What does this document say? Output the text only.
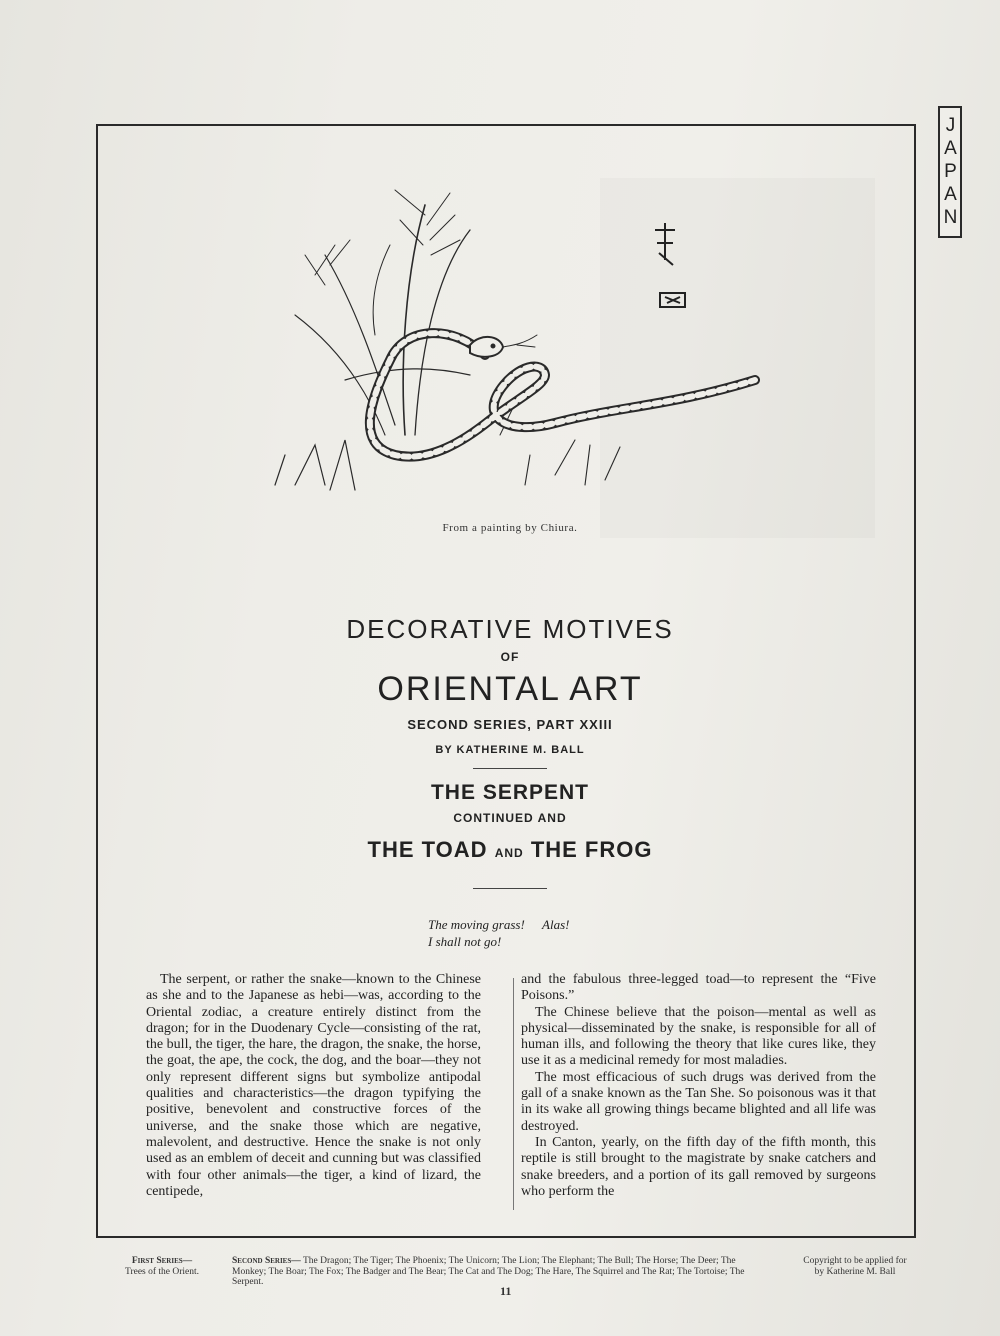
JAPAN
From a painting by Chiura.

DECORATIVE MOTIVES

OF

ORIENTAL ART

SECOND SERIES, PART XXIII

BY KATHERINE M. BALL

THE SERPENT

CONTINUED AND

THE TOAD AND THE FROG

The moving grass! Alas!
I shall not go!

The serpent, or rather the snake—known to the Chinese as she and to the Japanese as hebi—was, according to the Oriental zodiac, a creature entirely distinct from the dragon; for in the Duodenary Cycle—consisting of the rat, the bull, the tiger, the hare, the dragon, the snake, the horse, the goat, the ape, the cock, the dog, and the boar—they not only represent different signs but symbolize antipodal qualities and characteristics—the dragon typifying the positive, benevolent and constructive forces of the universe, and the snake those which are negative, malevolent, and destructive. Hence the snake is not only used as an emblem of deceit and cunning but was classified with four other animals—the tiger, a kind of lizard, the centipede,

and the fabulous three-legged toad—to represent the “Five Poisons.”

The Chinese believe that the poison—mental as well as physical—disseminated by the snake, is responsible for all of human ills, and following the theory that like cures like, they use it as a medicinal remedy for most maladies.

The most efficacious of such drugs was derived from the gall of a snake known as the Tan She. So poisonous was it that in its wake all growing things became blighted and all life was destroyed.

In Canton, yearly, on the fifth day of the fifth month, this reptile is still brought to the magistrate by snake catchers and snake breeders, and a portion of its gall removed by surgeons who perform the

First Series—
Trees of the Orient.
Second Series— The Dragon; The Tiger; The Phoenix; The Unicorn; The Lion; The Elephant; The Bull; The Horse; The Deer; The Monkey; The Boar; The Fox; The Badger and The Bear; The Cat and The Dog; The Hare, The Squirrel and The Rat; The Tortoise; The Serpent.
Copyright to be applied for
by Katherine M. Ball
11
